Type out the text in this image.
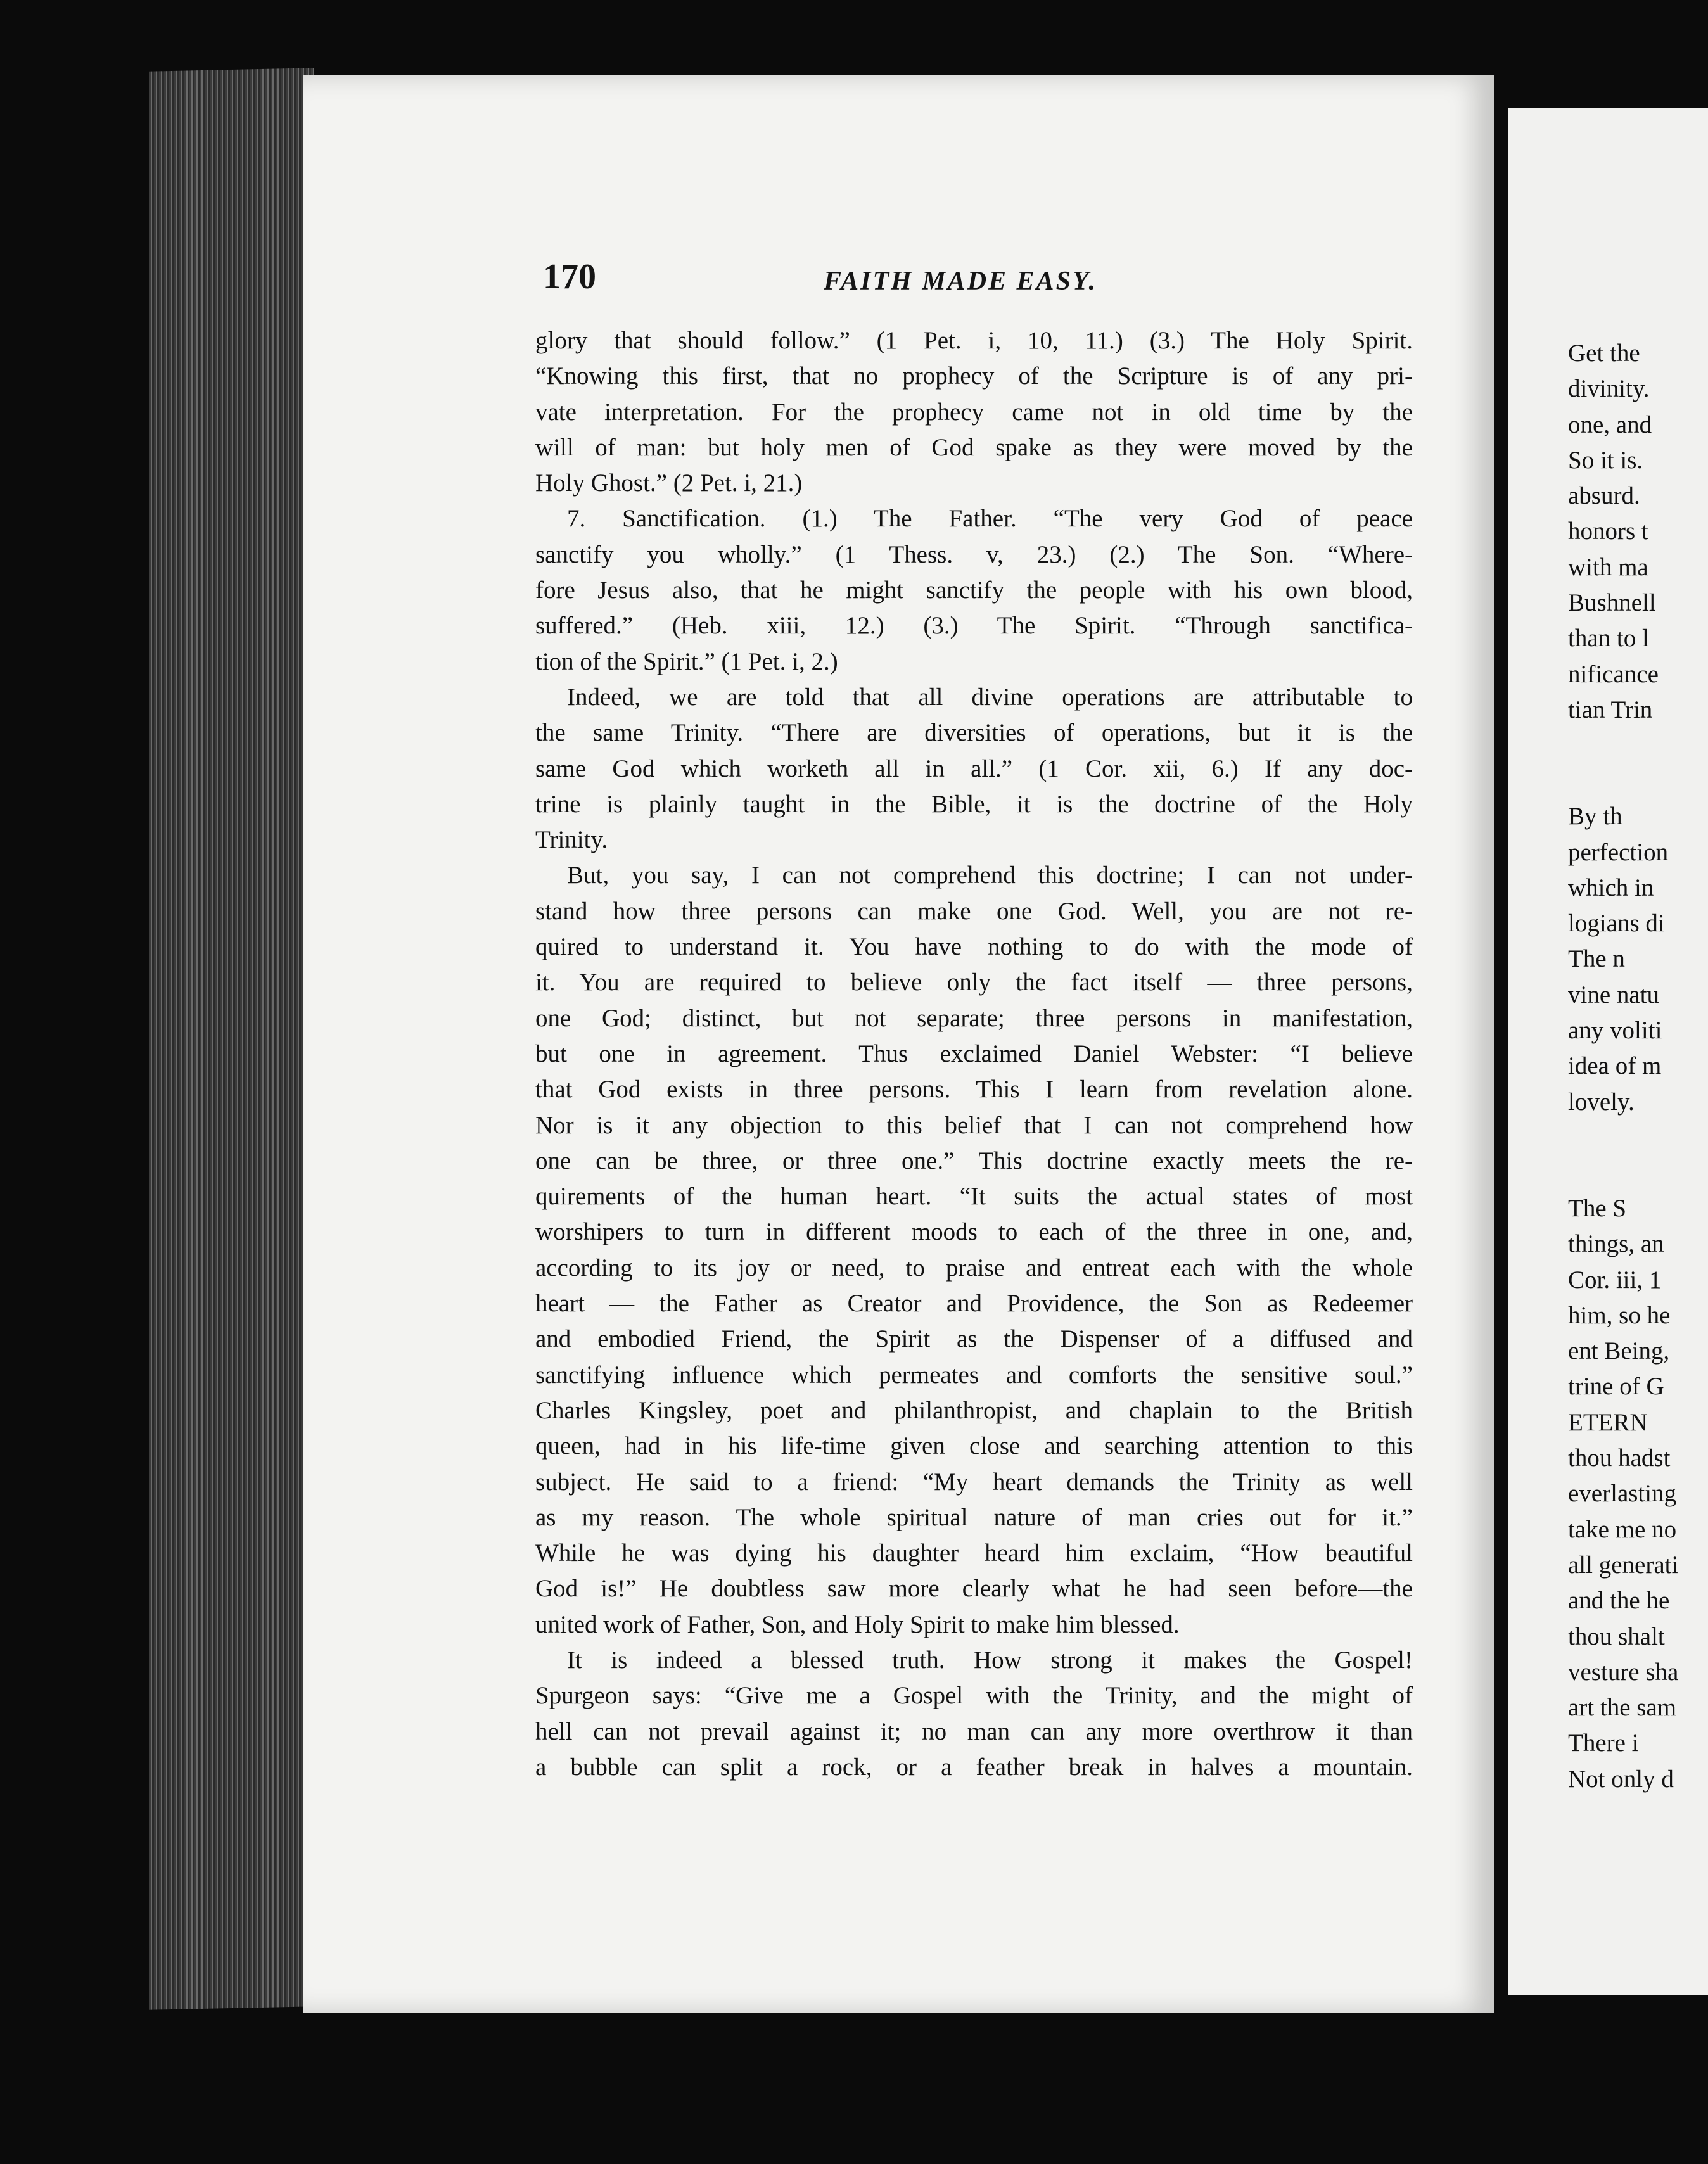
170	FAITH MADE EASY.
glory that should follow.” (1 Pet. i, 10, 11.) (3.) The Holy Spirit.
“Knowing this first, that no prophecy of the Scripture is of any pri-
vate interpretation. For the prophecy came not in old time by the
will of man: but holy men of God spake as they were moved by the
Holy Ghost.” (2 Pet. i, 21.)
7. Sanctification. (1.) The Father. “The very God of peace
sanctify you wholly.” (1 Thess. v, 23.) (2.) The Son. “Where-
fore Jesus also, that he might sanctify the people with his own blood,
suffered.” (Heb. xiii, 12.) (3.) The Spirit. “Through sanctifica-
tion of the Spirit.” (1 Pet. i, 2.)
Indeed, we are told that all divine operations are attributable to
the same Trinity. “There are diversities of operations, but it is the
same God which worketh all in all.” (1 Cor. xii, 6.) If any doc-
trine is plainly taught in the Bible, it is the doctrine of the Holy
Trinity.
But, you say, I can not comprehend this doctrine; I can not under-
stand how three persons can make one God. Well, you are not re-
quired to understand it. You have nothing to do with the mode of
it. You are required to believe only the fact itself — three persons,
one God; distinct, but not separate; three persons in manifestation,
but one in agreement. Thus exclaimed Daniel Webster: “I believe
that God exists in three persons. This I learn from revelation alone.
Nor is it any objection to this belief that I can not comprehend how
one can be three, or three one.” This doctrine exactly meets the re-
quirements of the human heart. “It suits the actual states of most
worshipers to turn in different moods to each of the three in one, and,
according to its joy or need, to praise and entreat each with the whole
heart — the Father as Creator and Providence, the Son as Redeemer
and embodied Friend, the Spirit as the Dispenser of a diffused and
sanctifying influence which permeates and comforts the sensitive soul.”
Charles Kingsley, poet and philanthropist, and chaplain to the British
queen, had in his life-time given close and searching attention to this
subject. He said to a friend: “My heart demands the Trinity as well
as my reason. The whole spiritual nature of man cries out for it.”
While he was dying his daughter heard him exclaim, “How beautiful
God is!” He doubtless saw more clearly what he had seen before—the
united work of Father, Son, and Holy Spirit to make him blessed.
It is indeed a blessed truth. How strong it makes the Gospel!
Spurgeon says: “Give me a Gospel with the Trinity, and the might of
hell can not prevail against it; no man can any more overthrow it than
a bubble can split a rock, or a feather break in halves a mountain.
Get the
divinity.
one, and
So it is.
absurd.
honors t
with ma
Bushnell
than to l
nificance
tian Trin
By th
perfection
which in
logians di
The n
vine natu
any voliti
idea of m
lovely.
The S
things, an
Cor. iii, 1
him, so he
ent Being,
trine of G
ETERN
thou hadst
everlasting
take me no
all generati
and the he
thou shalt
vesture sha
art the sam
There i
Not only d
